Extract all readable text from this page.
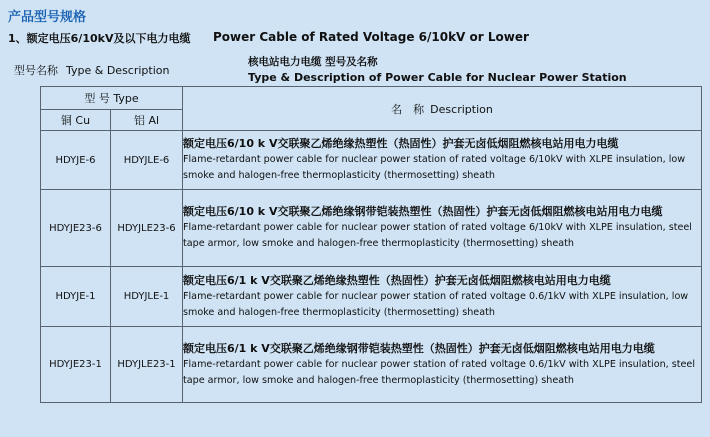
产品型号规格
1、额定电压6/10kV及以下电力电缆 Power Cable of Rated Voltage 6/10kV or Lower
型号名称 Type & Description
核电站电力电缆 型号及名称
Type & Description of Power Cable for Nuclear Power Station
型 号 Type		名　称 Description
铜 Cu	铝 Al	
HDYJE-6	HDYJLE-6	额定电压6/10 k V交联聚乙烯绝缘热塑性（热固性）护套无卤低烟阻燃核电站用电力电缆
Flame-retardant power cable for nuclear power station of rated voltage 6/10kV with XLPE insulation, low smoke and halogen-free thermoplasticity (thermosetting) sheath

HDYJE23-6	HDYJLE23-6	额定电压6/10 k V交联聚乙烯绝缘钢带铠装热塑性（热固性）护套无卤低烟阻燃核电站用电力电缆
Flame-retardant power cable for nuclear power station of rated voltage 6/10kV with XLPE insulation, steel tape armor, low smoke and halogen-free thermoplasticity (thermosetting) sheath

HDYJE-1	HDYJLE-1	额定电压6/1 k V交联聚乙烯绝缘热塑性（热固性）护套无卤低烟阻燃核电站用电力电缆
Flame-retardant power cable for nuclear power station of rated voltage 0.6/1kV with XLPE insulation, low smoke and halogen-free thermoplasticity (thermosetting) sheath

HDYJE23-1	HDYJLE23-1	额定电压6/1 k V交联聚乙烯绝缘钢带铠装热塑性（热固性）护套无卤低烟阻燃核电站用电力电缆
Flame-retardant power cable for nuclear power station of rated voltage 0.6/1kV with XLPE insulation, steel tape armor, low smoke and halogen-free thermoplasticity (thermosetting) sheath
